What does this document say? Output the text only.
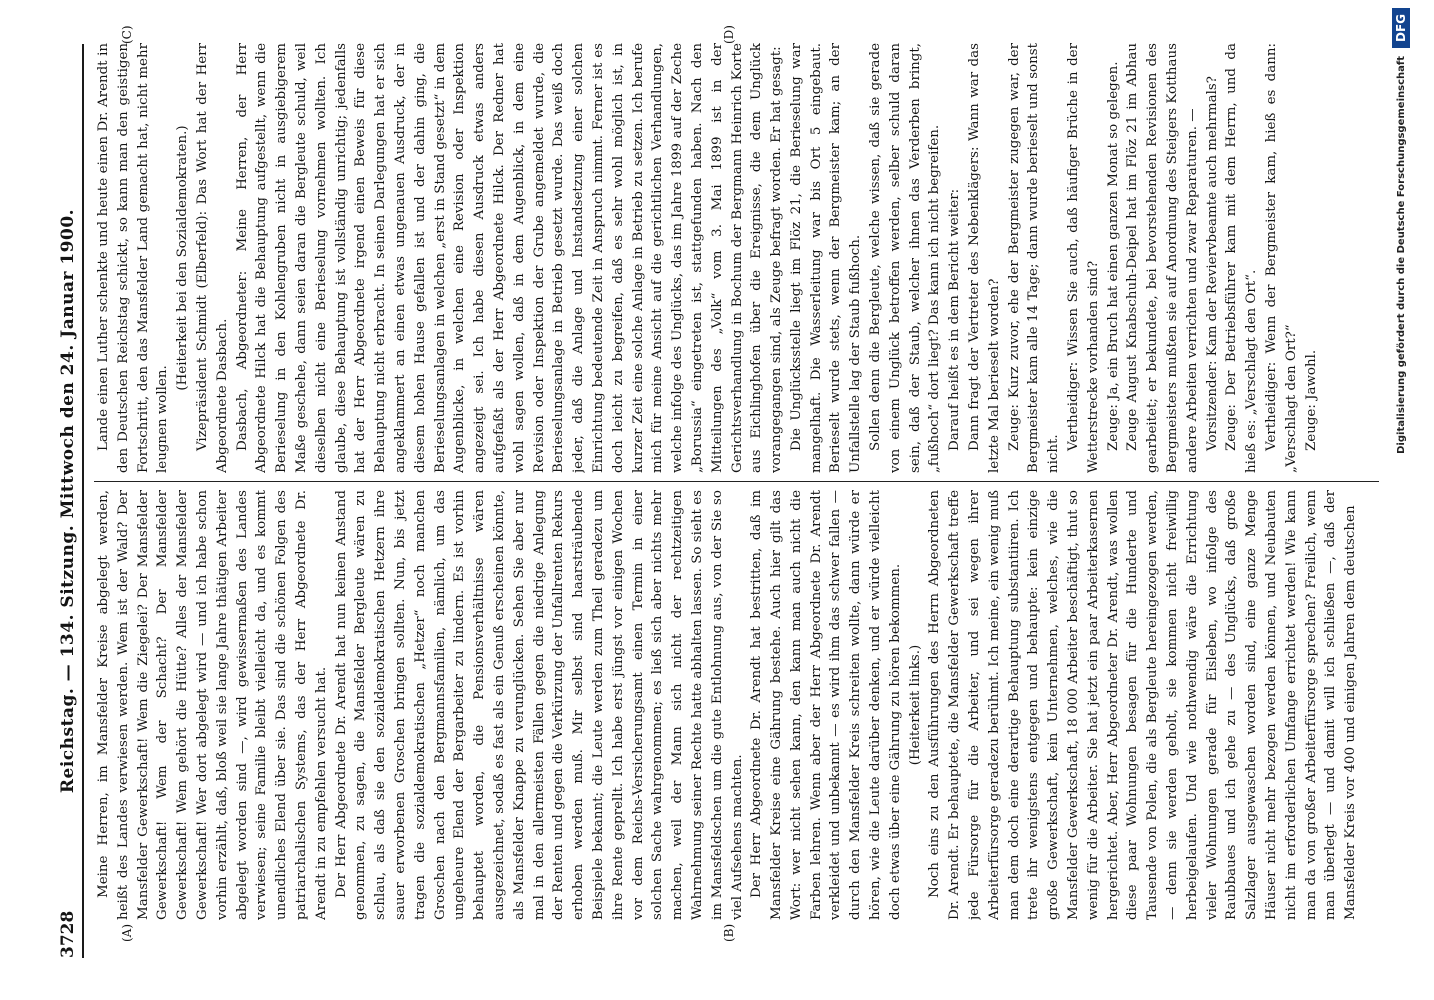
3728
Reichstag. — 134. Sitzung. Mittwoch den 24. Januar 1900.
(A)	(B)
(C)	(D)

Meine Herren, im Mansfelder Kreise abgelegt werden, heißt des Landes verwiesen werden. Wem ist der Wald? Der Mansfelder Gewerkschaft! Wem die Ziegelei? Der Mansfelder Gewerkschaft! Wem der Schacht? Der Mansfelder Gewerkschaft! Wem gehört die Hütte? Alles der Mansfelder Gewerkschaft! Wer dort abgelegt wird — und ich habe schon vorhin erzählt, daß, bloß weil sie lange Jahre thätigen Arbeiter abgelegt worden sind —, wird gewissermaßen des Landes verwiesen; seine Familie bleibt vielleicht da, und es kommt unendliches Elend über sie. Das sind die schönen Folgen des patriarchalischen Systems, das der Herr Abgeordnete Dr. Arendt in zu empfehlen versucht hat. Der Herr Abgeordnete Dr. Arendt hat nun keinen Anstand genommen, zu sagen, die Mansfelder Bergleute wären zu schlau, als daß sie den sozialdemokratischen Hetzern ihre sauer erworbenen Groschen bringen sollten. Nun, bis jetzt tragen die sozialdemokratischen „Hetzer“ noch manchen Groschen nach den Bergmannsfamilien, nämlich, um das ungeheure Elend der Bergarbeiter zu lindern. Es ist vorhin behauptet worden, die Pensionsverhältnisse wären ausgezeichnet, sodaß es fast als ein Genuß erscheinen könnte, als Mansfelder Knappe zu verunglücken. Sehen Sie aber nur mal in den allermeisten Fällen gegen die niedrige Anlegung der Renten und gegen die Verkürzung der Unfallrenten Rekurs erhoben werden muß. Mir selbst sind haarsträubende Beispiele bekannt; die Leute werden zum Theil geradezu um ihre Rente geprellt. Ich habe erst jüngst vor einigen Wochen vor dem Reichs-Versicherungsamt einen Termin in einer solchen Sache wahrgenommen; es ließ sich aber nichts mehr machen, weil der Mann sich nicht der rechtzeitigen Wahrnehmung seiner Rechte hatte abhalten lassen. So sieht es im Mansfeldschen um die gute Entlohnung aus, von der Sie so viel Aufsehens machten. Der Herr Abgeordnete Dr. Arendt hat bestritten, daß im Mansfelder Kreise eine Gährung bestehe. Auch hier gilt das Wort: wer nicht sehen kann, den kann man auch nicht die Farben lehren. Wenn aber der Herr Abgeordnete Dr. Arendt verkleidet und unbekannt — es wird ihm das schwer fallen — durch den Mansfelder Kreis schreiten wollte, dann würde er hören, wie die Leute darüber denken, und er würde vielleicht doch etwas über eine Gährung zu hören bekommen. (Heiterkeit links.) Noch eins zu den Ausführungen des Herrn Abgeordneten Dr. Arendt. Er behauptete, die Mansfelder Gewerkschaft treffe jede Fürsorge für die Arbeiter, und sei wegen ihrer Arbeiterfürsorge geradezu berühmt. Ich meine, ein wenig muß man dem doch eine derartige Behauptung substantiiren. Ich trete ihr wenigstens entgegen und behaupte: kein einzige große Gewerkschaft, kein Unternehmen, welches, wie die Mansfelder Gewerkschaft, 18 000 Arbeiter beschäftigt, thut so wenig für die Arbeiter. Sie hat jetzt ein paar Arbeiterkasernen hergerichtet. Aber, Herr Abgeordneter Dr. Arendt, was wollen diese paar Wohnungen besagen für die Hunderte und Tausende von Polen, die als Bergleute hereingezogen werden, — denn sie werden geholt, sie kommen nicht freiwillig herbeigelaufen. Und wie nothwendig wäre die Errichtung vieler Wohnungen gerade für Eisleben, wo infolge des Raubbaues und ich gehe zu — des Unglücks, daß große Salzlager ausgewaschen worden sind, eine ganze Menge Häuser nicht mehr bezogen werden können, und Neubauten nicht im erforderlichen Umfange errichtet werden! Wie kann man da von großer Arbeiterfürsorge sprechen? Freilich, wenn man überlegt — und damit will ich schließen —, daß der Mansfelder Kreis vor 400 und einigen Jahren dem deutschen

Lande einen Luther schenkte und heute einen Dr. Arendt in den Deutschen Reichstag schickt, so kann man den geistigen Fortschritt, den das Mansfelder Land gemacht hat, nicht mehr leugnen wollen.

(Heiterkeit bei den Sozialdemokraten.) Vizepräsident Schmidt (Elberfeld): Das Wort hat der Herr Abgeordnete Dasbach. Dasbach, Abgeordneter: Meine Herren, der Herr Abgeordnete Hilck hat die Behauptung aufgestellt, wenn die Berieselung in den Kohlengruben nicht in ausgiebigerem Maße geschehe, dann seien daran die Bergleute schuld, weil dieselben nicht eine Berieselung vornehmen wollten. Ich glaube, diese Behauptung ist vollständig unrichtig; jedenfalls hat der Herr Abgeordnete irgend einen Beweis für diese Behauptung nicht erbracht. In seinen Darlegungen hat er sich angeklammert an einen etwas ungenauen Ausdruck, der in diesem hohen Hause gefallen ist und der dahin ging, die Berieselungsanlagen in welchen „erst in Stand gesetzt“ in dem Augenblicke, in welchen eine Revision oder Inspektion angezeigt sei. Ich habe diesen Ausdruck etwas anders aufgefaßt als der Herr Abgeordnete Hilck. Der Redner hat wohl sagen wollen, daß in dem Augenblick, in dem eine Revision oder Inspektion der Grube angemeldet wurde, die Berieselungsanlage in Betrieb gesetzt wurde. Das weiß doch jeder, daß die Anlage und Instandsetzung einer solchen Einrichtung bedeutende Zeit in Anspruch nimmt. Ferner ist es doch leicht zu begreifen, daß es sehr wohl möglich ist, in kurzer Zeit eine solche Anlage in Betrieb zu setzen. Ich berufe mich für meine Ansicht auf die gerichtlichen Verhandlungen, welche infolge des Unglücks, das im Jahre 1899 auf der Zeche „Borussia“ eingetreten ist, stattgefunden haben. Nach den Mitteilungen des „Volk“ vom 3. Mai 1899 ist in der Gerichtsverhandlung in Bochum der Bergmann Heinrich Korte aus Eichlinghofen über die Ereignisse, die dem Unglück vorangegangen sind, als Zeuge befragt worden. Er hat gesagt: Die Unglücksstelle liegt im Flöz 21, die Berieselung war mangelhaft. Die Wasserleitung war bis Ort 5 eingebaut. Berieselt wurde stets, wenn der Bergmeister kam; an der Unfallstelle lag der Staub fußhoch. Sollen denn die Bergleute, welche wissen, daß sie gerade von einem Unglück betroffen werden, selber schuld daran sein, daß der Staub, welcher ihnen das Verderben bringt, „fußhoch“ dort liegt? Das kann ich nicht begreifen. Darauf heißt es in dem Bericht weiter: Dann fragt der Vertreter des Nebenklägers: Wann war das letzte Mal berieselt worden? Zeuge: Kurz zuvor, ehe der Bergmeister zugegen war, der Bergmeister kam alle 14 Tage; dann wurde berieselt und sonst nicht.

Vertheidiger: Wissen Sie auch, daß häufiger Brüche in der Wetterstrecke vorhanden sind? Zeuge: Ja, ein Bruch hat einen ganzen Monat so gelegen. Zeuge August Knabschuh-Deipel hat im Flöz 21 im Abhau gearbeitet; er bekundete, bei bevorstehenden Revisionen des Bergmeisters mußten sie auf Anordnung des Steigers Kotthaus andere Arbeiten verrichten und zwar Reparaturen. — Vorsitzender: Kam der Reviervbeamte auch mehrmals? Zeuge: Der Betriebsführer kam mit dem Herrn, und da hieß es: „Verschlagt den Ort“. Vertheidiger: Wenn der Bergmeister kam, hieß es dann: „Verschlagt den Ort?“ Zeuge: Jawohl.	Digitalisierung gefördert durch die Deutsche Forschungsgemeinschaft
DFG
